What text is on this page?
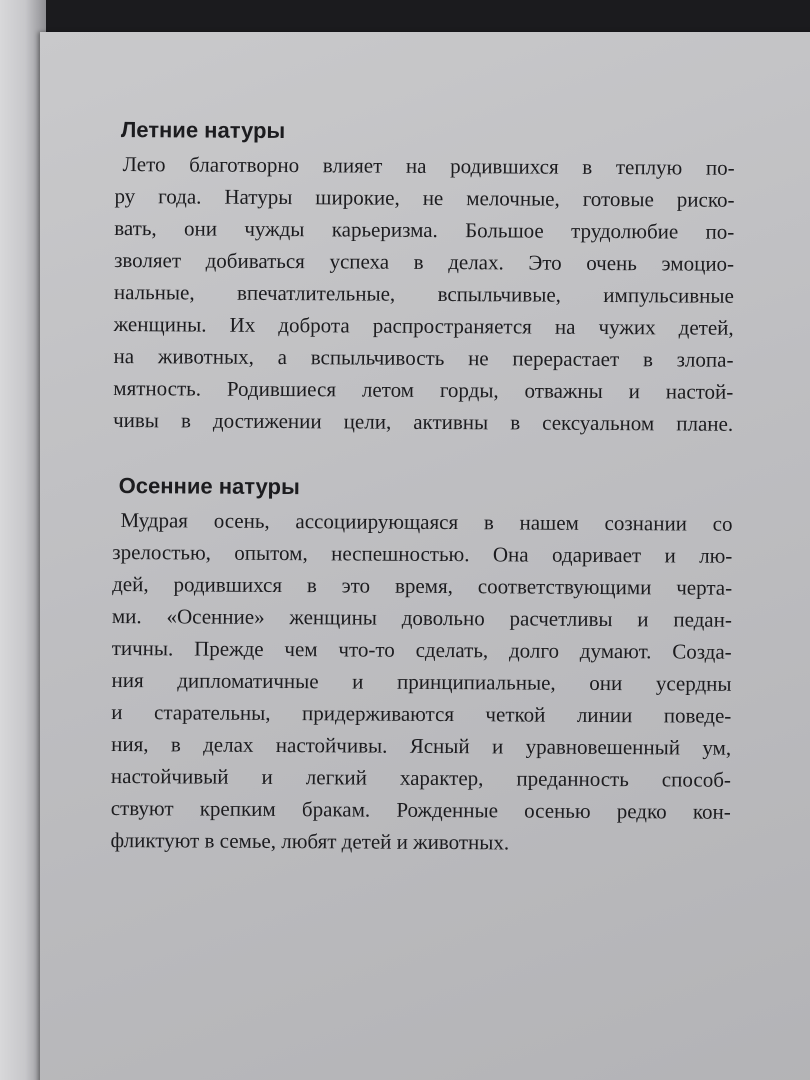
Летние натуры
Лето благотворно влияет на родившихся в теплую по-
ру года. Натуры широкие, не мелочные, готовые риско-
вать, они чужды карьеризма. Большое трудолюбие по-
зволяет добиваться успеха в делах. Это очень эмоцио-
нальные, впечатлительные, вспыльчивые, импульсивные
женщины. Их доброта распространяется на чужих детей,
на животных, а вспыльчивость не перерастает в злопа-
мятность. Родившиеся летом горды, отважны и настой-
чивы в достижении цели, активны в сексуальном плане.
Осенние натуры
Мудрая осень, ассоциирующаяся в нашем сознании со
зрелостью, опытом, неспешностью. Она одаривает и лю-
дей, родившихся в это время, соответствующими черта-
ми. «Осенние» женщины довольно расчетливы и педан-
тичны. Прежде чем что-то сделать, долго думают. Созда-
ния дипломатичные и принципиальные, они усердны
и старательны, придерживаются четкой линии поведе-
ния, в делах настойчивы. Ясный и уравновешенный ум,
настойчивый и легкий характер, преданность способ-
ствуют крепким бракам. Рожденные осенью редко кон-
фликтуют в семье, любят детей и животных.
